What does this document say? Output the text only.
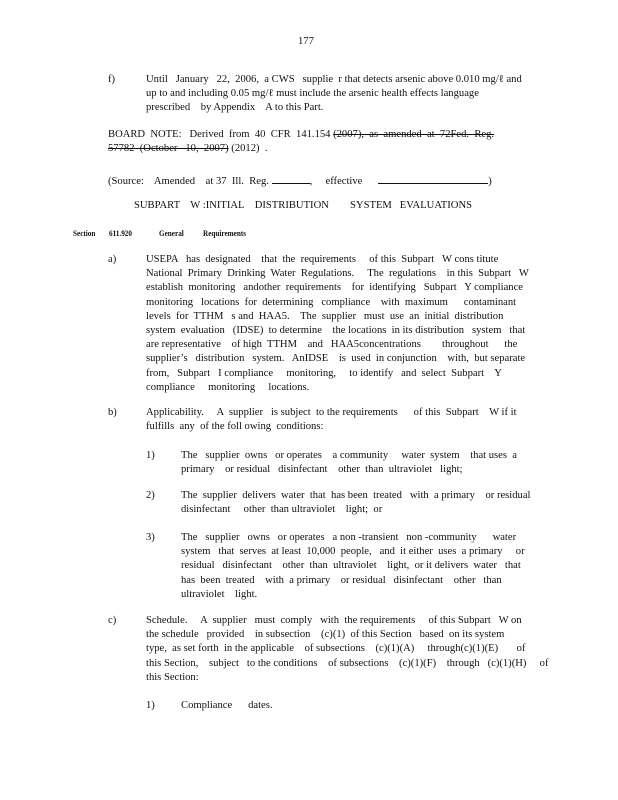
177
f)	Until   January   22,  2006,  a CWS   supplie  r that detects arsenic above 0.010 mg/ℓ and
up to and including 0.05 mg/ℓ must include the arsenic health effects language
prescribed    by Appendix    A to this Part.
BOARD  NOTE:   Derived  from  40  CFR  141.154 (2007),  as  amended  at  72Fed.  Reg.
57782  (October   10,  2007) (2012)  .
(Source:    Amended    at 37  Ill.  Reg.	, effective	)
SUBPART    W :INITIAL    DISTRIBUTION        SYSTEM   EVALUATIONS
Section 611.920	General Requirements
a)	USEPA   has  designated    that  the  requirements     of this  Subpart   W cons titute
National  Primary  Drinking  Water  Regulations.     The  regulations    in this  Subpart   W
establish  monitoring   andother  requirements    for  identifying   Subpart   Y compliance
monitoring   locations  for  determining   compliance    with  maximum      contaminant
levels  for  TTHM   s and  HAA5.    The  supplier   must  use  an  initial  distribution
system  evaluation   (IDSE)  to determine    the locations  in its distribution   system   that
are representative    of high  TTHM    and   HAA5concentrations        throughout      the
supplier’s   distribution   system.   AnIDSE    is  used  in conjunction    with,  but separate
from,   Subpart   I compliance     monitoring,     to identify   and  select  Subpart    Y
compliance     monitoring     locations.
b)	Applicability.     A  supplier   is subject  to the requirements      of this  Subpart    W if it
fulfills  any  of the foll owing  conditions:
1) The   supplier  owns   or operates    a community     water  system    that uses  a
primary    or residual   disinfectant    other  than  ultraviolet   light;
2) The  supplier  delivers  water  that  has been  treated   with  a primary    or residual
disinfectant     other  than ultraviolet    light;  or
3) The   supplier   owns   or operates   a non -transient   non -community      water
system   that  serves  at least  10,000  people,   and  it either  uses  a primary     or
residual   disinfectant    other  than  ultraviolet    light,  or it delivers  water   that
has  been  treated    with  a primary    or residual   disinfectant    other   than
ultraviolet    light.
c)	Schedule.     A  supplier   must  comply   with  the requirements     of this Subpart   W on
the schedule   provided    in subsection    (c)(1)  of this Section   based  on its system
type,  as set forth  in the applicable    of subsections    (c)(1)(A)     through(c)(1)(E)       of
this Section,    subject   to the conditions    of subsections    (c)(1)(F)    through   (c)(1)(H)     of
this Section:
1) Compliance      dates.
